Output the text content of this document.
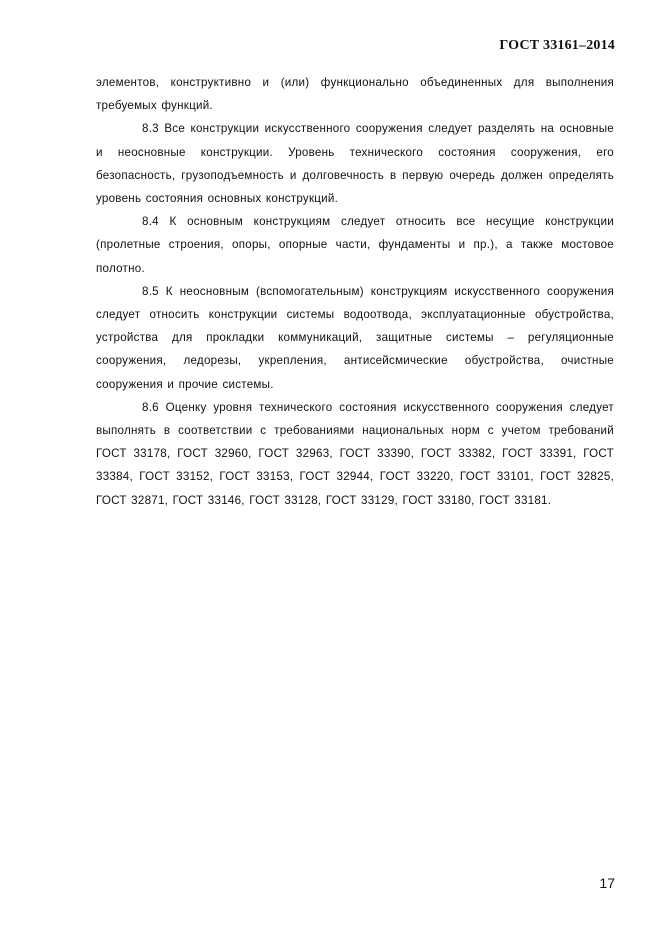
ГОСТ 33161–2014

элементов, конструктивно и (или) функционально объединенных для выполнения требуемых функций.

8.3 Все конструкции искусственного сооружения следует разделять на основные и неосновные конструкции. Уровень технического состояния сооружения, его безопасность, грузоподъемность и долговечность в первую очередь должен определять уровень состояния основных конструкций.

8.4 К основным конструкциям следует относить все несущие конструкции (пролетные строения, опоры, опорные части, фундаменты и пр.), а также мостовое полотно.

8.5 К неосновным (вспомогательным) конструкциям искусственного сооружения следует относить конструкции системы водоотвода, эксплуатационные обустройства, устройства для прокладки коммуникаций, защитные системы – регуляционные сооружения, ледорезы, укрепления, антисейсмические обустройства, очистные сооружения и прочие системы.

8.6 Оценку уровня технического состояния искусственного сооружения следует выполнять в соответствии с требованиями национальных норм с учетом требований ГОСТ 33178, ГОСТ 32960, ГОСТ 32963, ГОСТ 33390, ГОСТ 33382, ГОСТ 33391, ГОСТ 33384, ГОСТ 33152, ГОСТ 33153, ГОСТ 32944, ГОСТ 33220, ГОСТ 33101, ГОСТ 32825, ГОСТ 32871, ГОСТ 33146, ГОСТ 33128, ГОСТ 33129, ГОСТ 33180, ГОСТ 33181.

17
